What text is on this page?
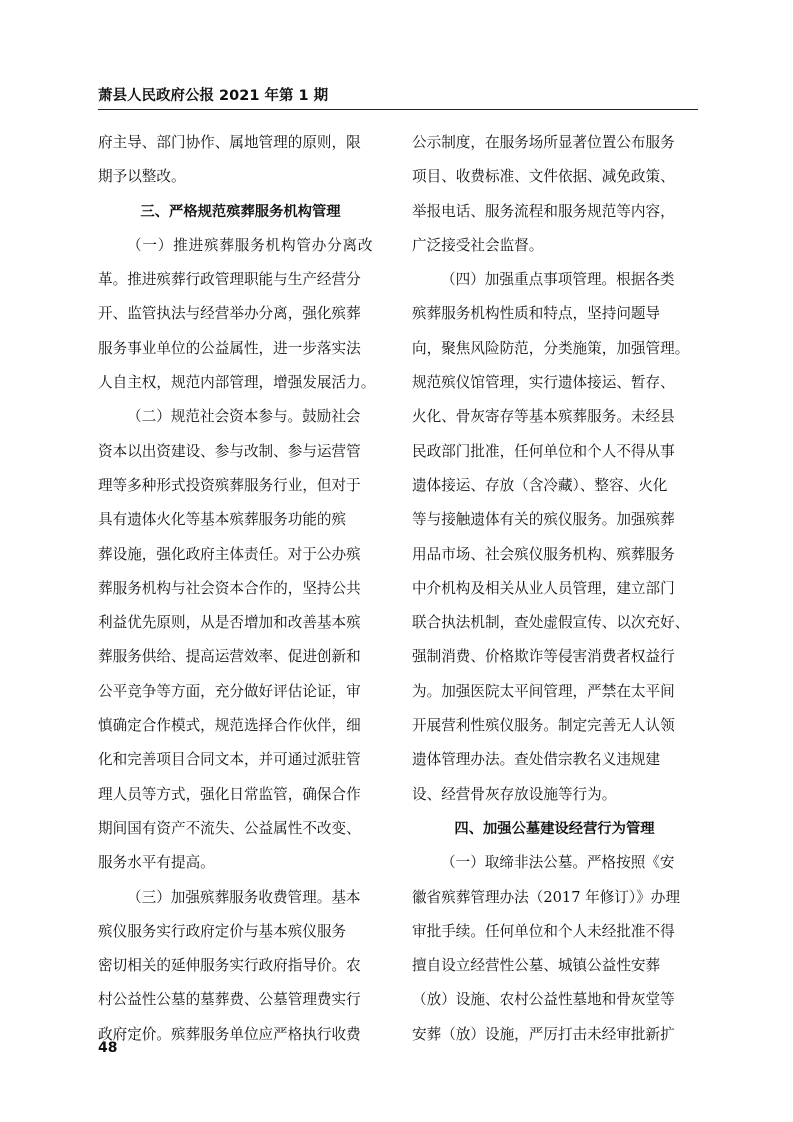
萧县人民政府公报 2021 年第 1 期
府主导、部门协作、属地管理的原则，限
期予以整改。
三、严格规范殡葬服务机构管理
（一）推进殡葬服务机构管办分离改
革。推进殡葬行政管理职能与生产经营分
开、监管执法与经营举办分离，强化殡葬
服务事业单位的公益属性，进一步落实法
人自主权，规范内部管理，增强发展活力。
（二）规范社会资本参与。鼓励社会
资本以出资建设、参与改制、参与运营管
理等多种形式投资殡葬服务行业，但对于
具有遗体火化等基本殡葬服务功能的殡
葬设施，强化政府主体责任。对于公办殡
葬服务机构与社会资本合作的，坚持公共
利益优先原则，从是否增加和改善基本殡
葬服务供给、提高运营效率、促进创新和
公平竞争等方面，充分做好评估论证，审
慎确定合作模式，规范选择合作伙伴，细
化和完善项目合同文本，并可通过派驻管
理人员等方式，强化日常监管，确保合作
期间国有资产不流失、公益属性不改变、
服务水平有提高。
（三）加强殡葬服务收费管理。基本
殡仪服务实行政府定价与基本殡仪服务
密切相关的延伸服务实行政府指导价。农
村公益性公墓的墓葬费、公墓管理费实行
政府定价。殡葬服务单位应严格执行收费
公示制度，在服务场所显著位置公布服务
项目、收费标准、文件依据、减免政策、
举报电话、服务流程和服务规范等内容，
广泛接受社会监督。
（四）加强重点事项管理。根据各类
殡葬服务机构性质和特点，坚持问题导
向，聚焦风险防范，分类施策，加强管理。
规范殡仪馆管理，实行遗体接运、暂存、
火化、骨灰寄存等基本殡葬服务。未经县
民政部门批准，任何单位和个人不得从事
遗体接运、存放（含冷藏）、整容、火化
等与接触遗体有关的殡仪服务。加强殡葬
用品市场、社会殡仪服务机构、殡葬服务
中介机构及相关从业人员管理，建立部门
联合执法机制，查处虚假宣传、以次充好、
强制消费、价格欺诈等侵害消费者权益行
为。加强医院太平间管理，严禁在太平间
开展营利性殡仪服务。制定完善无人认领
遗体管理办法。查处借宗教名义违规建
设、经营骨灰存放设施等行为。
四、加强公墓建设经营行为管理
（一）取缔非法公墓。严格按照《安
徽省殡葬管理办法（2017 年修订）》办理
审批手续。任何单位和个人未经批准不得
擅自设立经营性公墓、城镇公益性安葬
（放）设施、农村公益性墓地和骨灰堂等
安葬（放）设施，严厉打击未经审批新扩
48
